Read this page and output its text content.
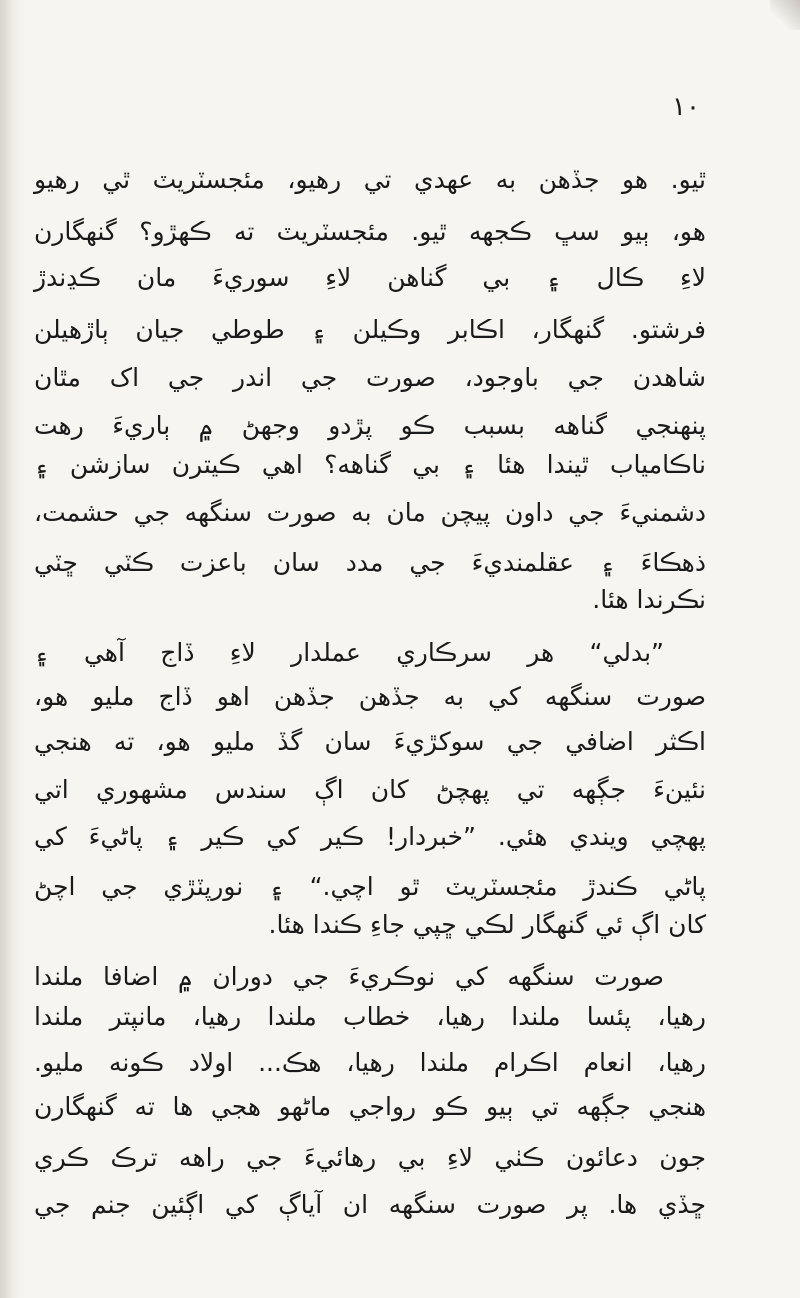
١٠
ٿيو. هو جڏهن به عهدي تي رهيو، مئجسٽريٽ ٿي رهيو
هو، ٻيو سڀ ڪجهه ٿيو. مئجسٽريٽ ته ڪهڙو؟ گنهگارن
لاءِ ڪال ۽ بي گناهن لاءِ سوريءَ مان ڪڍندڙ
فرشتو. گنهگار، اڪابر وڪيلن ۽ طوطي جيان ٻاڙهيلن
شاهدن جي باوجود، صورت جي اندر جي اک مٿان
پنهنجي گناهه بسبب ڪو پڙدو وجهڻ ۾ ٻاريءَ رهت
ناڪامياب ٿيندا هئا ۽ بي گناهه؟ اهي ڪيترن سازشن ۽
دشمنيءَ جي داون پيچن مان به صورت سنگهه جي حشمت،
ذهڪاءَ ۽ عقلمنديءَ جي مدد سان باعزت ڪٽي ڇٽي
نڪرندا هئا.
”بدلي“ هر سرڪاري عملدار لاءِ ڏاج آهي ۽
صورت سنگهه کي به جڏهن جڏهن اهو ڏاج مليو هو،
اڪثر اضافي جي سوکڙيءَ سان گڏ مليو هو، ته هنجي
نئينءَ جڳهه تي پهچڻ کان اڳ سندس مشهوري اتي
پهچي ويندي هئي. ”خبردار! ڪير کي ڪير ۽ پاڻيءَ کي
پاڻي ڪندڙ مئجسٽريٽ ٿو اچي.“ ۽ نورپٽڙي جي اچڻ
کان اڳ ئي گنهگار لڪي ڇپي جاءِ ڪندا هئا.
صورت سنگهه کي نوڪريءَ جي دوران ۾ اضافا ملندا
رهيا، پئسا ملندا رهيا، خطاب ملندا رهيا، مانپتر ملندا
رهيا، انعام اڪرام ملندا رهيا، هڪ... اولاد ڪونه مليو.
هنجي جڳهه تي ٻيو ڪو رواجي ماڻهو هجي ها ته گنهگارن
جون دعائون ڪٺي لاءِ بي رهائيءَ جي راهه ترڪ ڪري
ڇڏي ها. پر صورت سنگهه ان آياڳ کي اڳئين جنم جي
